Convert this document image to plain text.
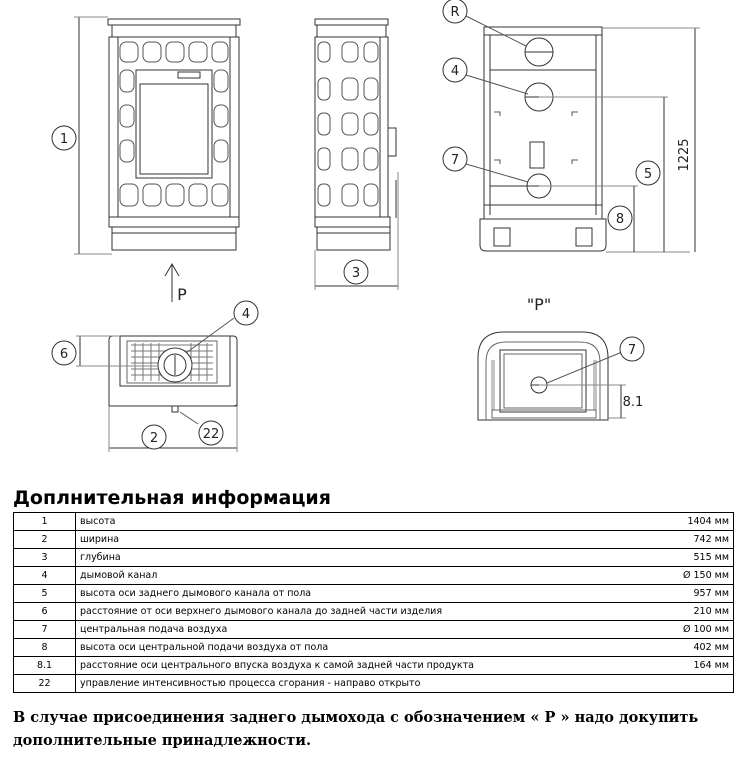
1
2
3
4
R
4
7
5
6
8
7
22
8.1
1225
P
"P"
Доплнительная информация
1	высота	1404 мм
2	ширина	742 мм
3	глубина	515 мм
4	дымовой канал	Ø 150 мм
5	высота оси заднего дымового канала от пола	957 мм
6	расстояние от оси верхнего дымового канала до задней части изделия	210 мм
7	центральная подача воздуха	Ø 100 мм
8	высота оси центральной подачи воздуха от пола	402 мм
8.1	расстояние оси центрального впуска воздуха к самой задней части продукта	164 мм
22	управление интенсивностью процесса сгорания - направо открыто	

В случае присоединения заднего дымохода с обозначением « P » надо докупить дополнительные принадлежности.
